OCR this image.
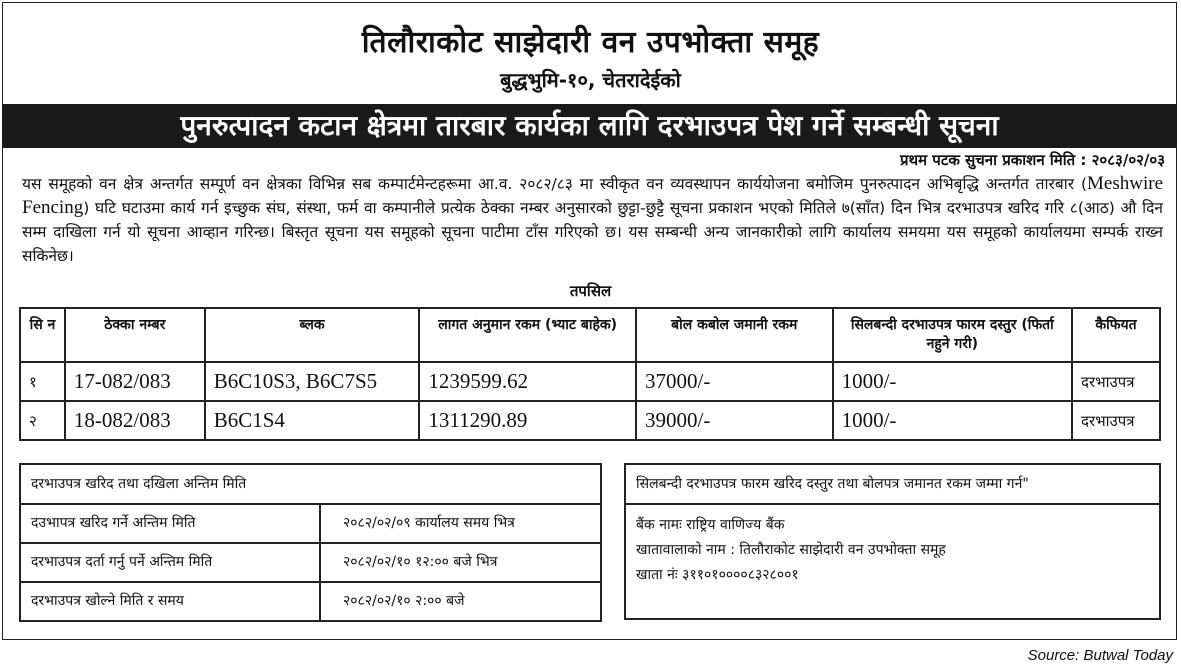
तिलौराकोट साझेदारी वन उपभोक्ता समूह
बुद्धभुमि-१०, चेतरादेईको
पुनरुत्पादन कटान क्षेत्रमा तारबार कार्यका लागि दरभाउपत्र पेश गर्ने सम्बन्धी सूचना
प्रथम पटक सुचना प्रकाशन मिति : २०८३/०२/०३
यस समूहको वन क्षेत्र अन्तर्गत सम्पूर्ण वन क्षेत्रका विभिन्न सब कम्पार्टमेन्टहरूमा आ.व. २०८२/८३ मा स्वीकृत वन व्यवस्थापन कार्ययोजना बमोजिम पुनरुत्पादन अभिबृद्धि अन्तर्गत तारबार (Meshwire Fencing) घटि घटाउमा कार्य गर्न इच्छुक संघ, संस्था, फर्म वा कम्पानीले प्रत्येक ठेक्का नम्बर अनुसारको छुट्टा-छुट्टै सूचना प्रकाशन भएको मितिले ७(साँत) दिन भित्र दरभाउपत्र खरिद गरि ८(आठ) औ दिन सम्म दाखिला गर्न यो सूचना आव्हान गरिन्छ। बिस्तृत सूचना यस समूहको सूचना पाटीमा टाँस गरिएको छ। यस सम्बन्धी अन्य जानकारीको लागि कार्यालय समयमा यस समूहको कार्यालयमा सम्पर्क राख्न सकिनेछ।
तपसिल
सि न	ठेक्का नम्बर	ब्लक	लागत अनुमान रकम (भ्याट बाहेक)	बोल कबोल जमानी रकम	सिलबन्दी दरभाउपत्र फारम दस्तुर (फिर्ता नहुने गरी)	कैफियत
१	17-082/083	B6C10S3, B6C7S5	1239599.62	37000/-	1000/-	दरभाउपत्र
२	18-082/083	B6C1S4	1311290.89	39000/-	1000/-	दरभाउपत्र
दरभाउपत्र खरिद तथा दखिला अन्तिम मिति
दउभापत्र खरिद गर्ने अन्तिम मिति	२०८२/०२/०९ कार्यालय समय भित्र
दरभाउपत्र दर्ता गर्नु पर्ने अन्तिम मिति	२०८२/०२/१० १२:०० बजे भित्र
दरभाउपत्र खोल्ने मिति र समय	२०८२/०२/१० २:०० बजे
सिलबन्दी दरभाउपत्र फारम खरिद दस्तुर तथा बोलपत्र जमानत रकम जम्मा गर्न"
बैंक नामः राष्ट्रिय वाणिज्य बैंक
खातावालाको नाम : तिलौराकोट साझेदारी वन उपभोक्ता समूह
खाता नंः ३११०१००००८३२८००१
Source: Butwal Today
